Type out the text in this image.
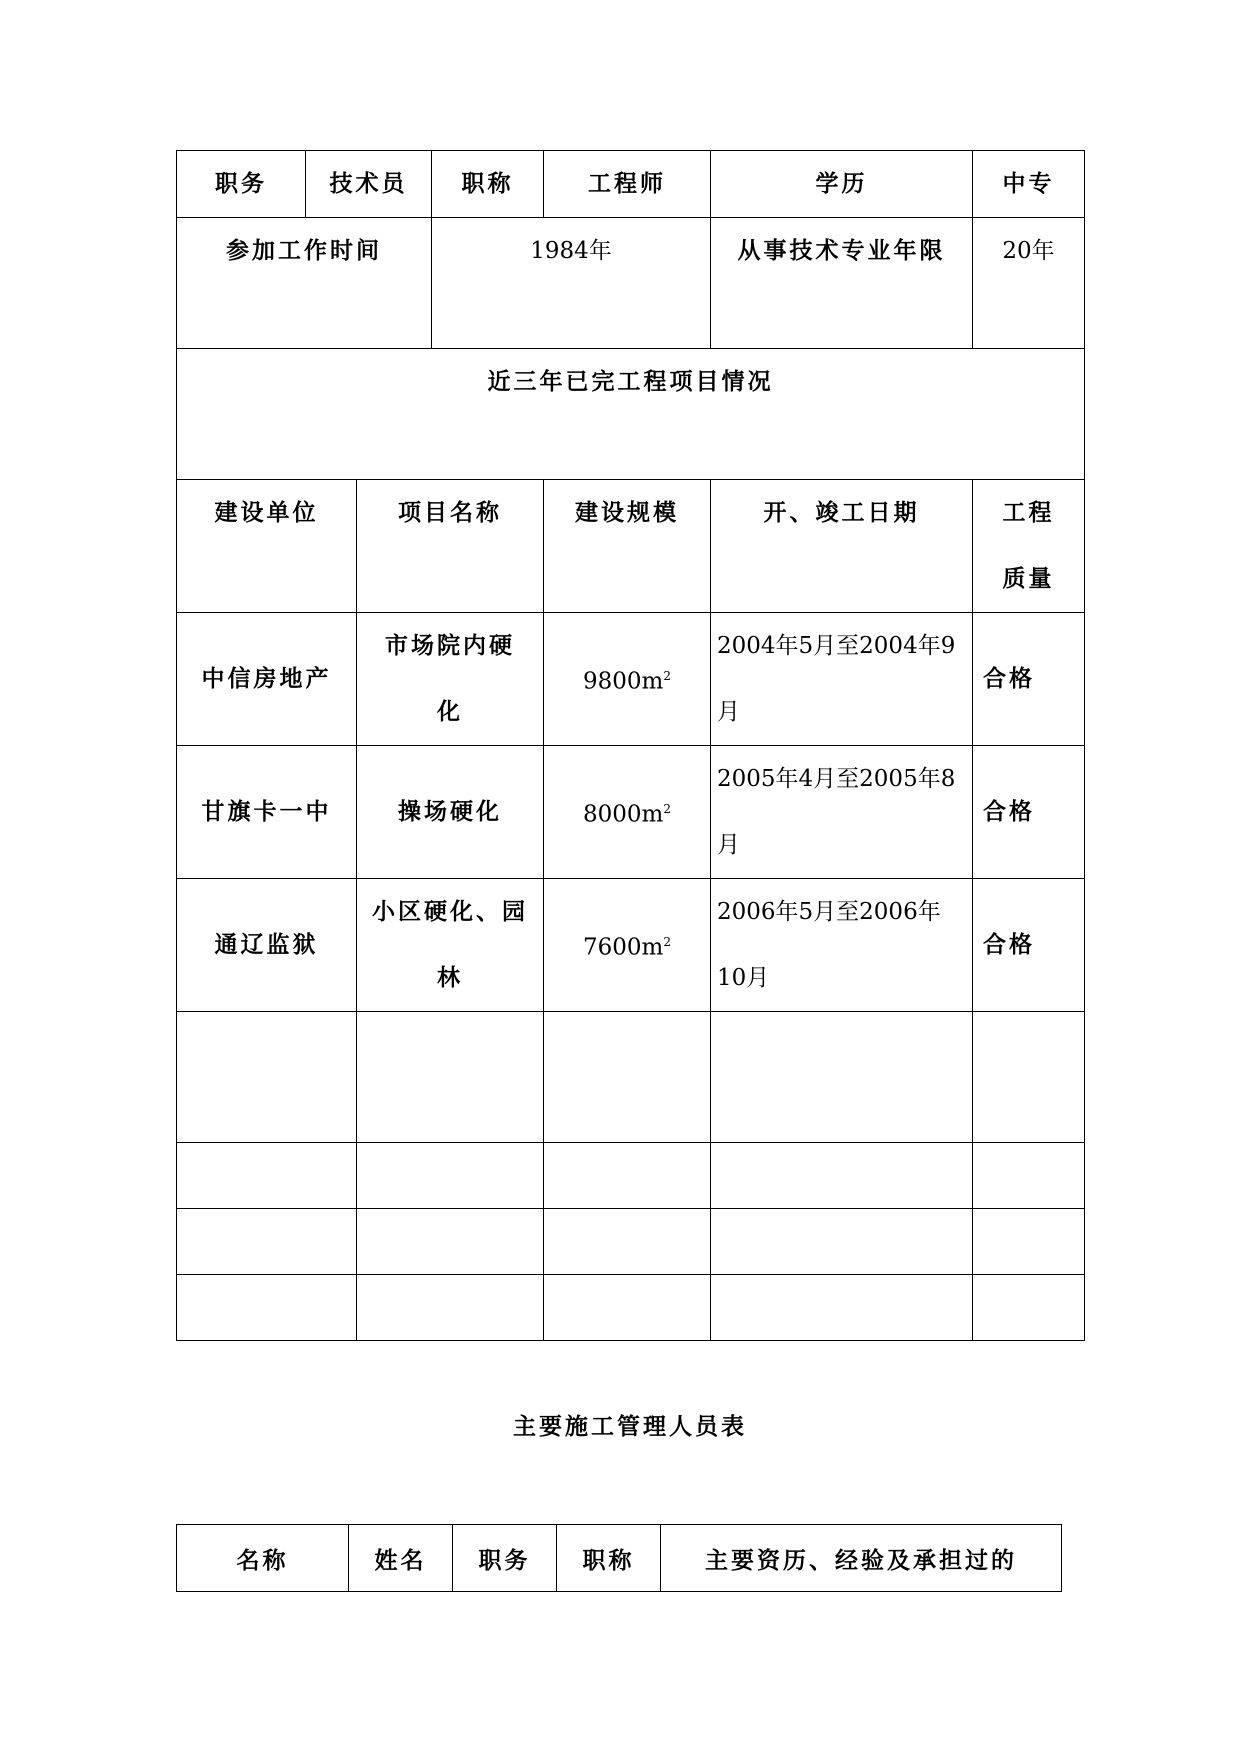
职务	技术员		职称	工程师	学历	中专
参加工作时间			1984年		从事技术专业年限	20年
近三年已完工程项目情况						
建设单位		项目名称		建设规模	开、竣工日期	工程质量
中信房地产		市场院内硬化		$9800m^2$	2004年5月至2004年9月	合格
甘旗卡一中		操场硬化		$8000m^2$	2005年4月至2005年8月	合格
通辽监狱		小区硬化、园林		$7600m^2$	2006年5月至2006年10月	合格

主要施工管理人员表
名称	姓名	职务	职称	主要资历、经验及承担过的
